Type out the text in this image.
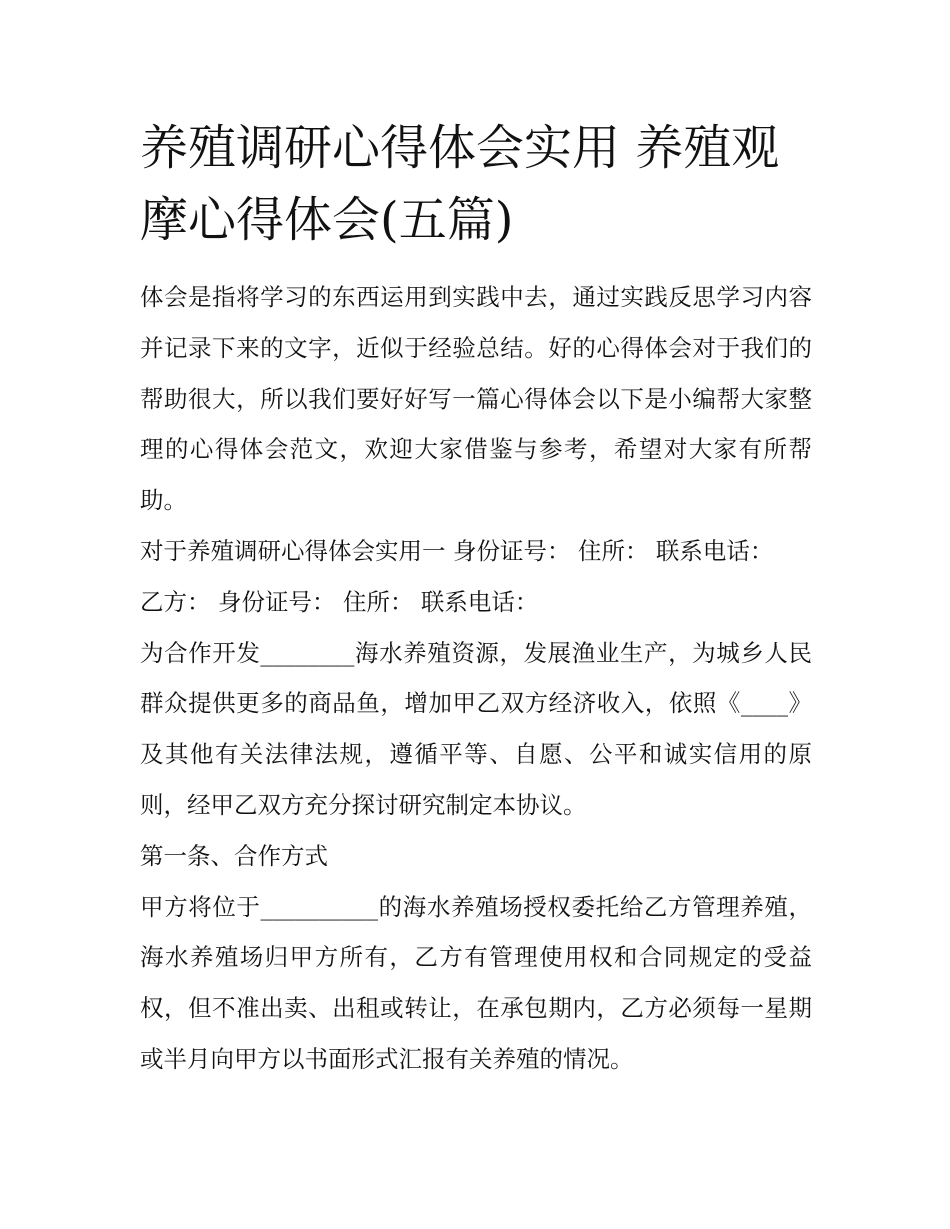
养殖调研心得体会实用 养殖观摩心得体会(五篇)

体会是指将学习的东西运用到实践中去，通过实践反思学习内容并记录下来的文字，近似于经验总结。好的心得体会对于我们的帮助很大，所以我们要好好写一篇心得体会以下是小编帮大家整理的心得体会范文，欢迎大家借鉴与参考，希望对大家有所帮助。

对于养殖调研心得体会实用一 身份证号： 住所： 联系电话：

乙方： 身份证号： 住所： 联系电话：

为合作开发________海水养殖资源，发展渔业生产，为城乡人民群众提供更多的商品鱼，增加甲乙双方经济收入，依照《____》及其他有关法律法规，遵循平等、自愿、公平和诚实信用的原则，经甲乙双方充分探讨研究制定本协议。

第一条、合作方式

甲方将位于__________的海水养殖场授权委托给乙方管理养殖，海水养殖场归甲方所有，乙方有管理使用权和合同规定的受益权，但不准出卖、出租或转让，在承包期内，乙方必须每一星期或半月向甲方以书面形式汇报有关养殖的情况。
